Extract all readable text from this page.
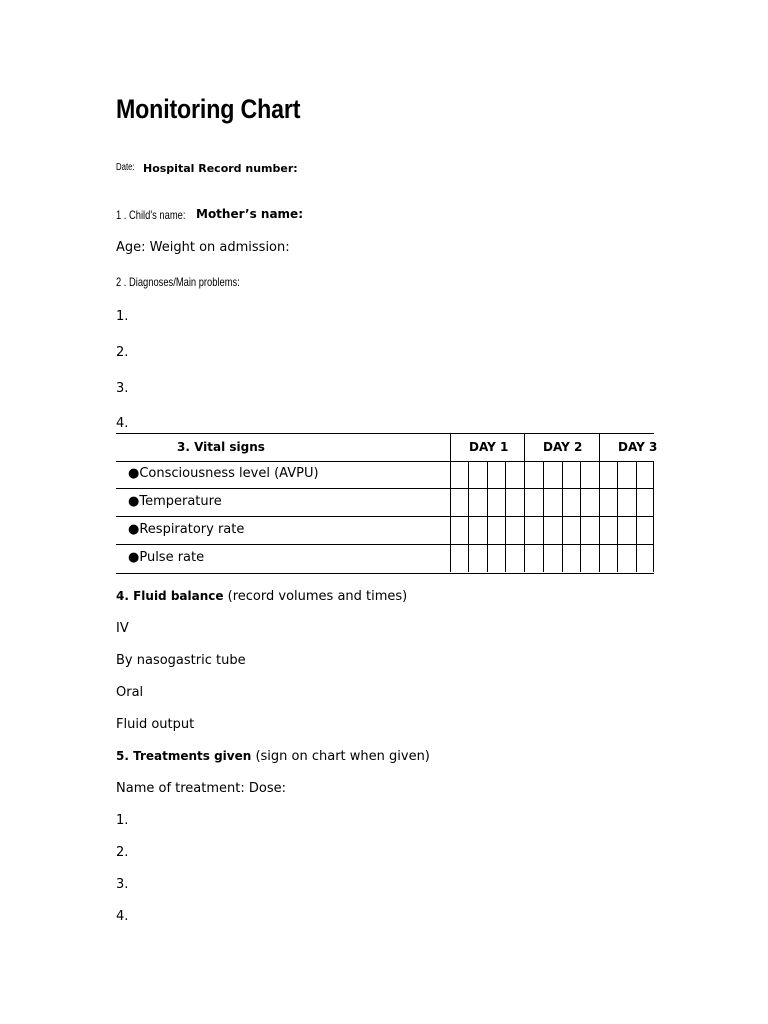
Monitoring Chart
Date: Hospital Record number:
1 . Child's name: Mother’s name:
Age: Weight on admission:
2 . Diagnoses/Main problems:
1.
2.
3.
4.
3. Vital signs	DAY 1	DAY 2	DAY 3
●Consciousness level (AVPU)
●Temperature
●Respiratory rate
●Pulse rate
4. Fluid balance (record volumes and times)
IV
By nasogastric tube
Oral
Fluid output
5. Treatments given (sign on chart when given)
Name of treatment: Dose:
1.
2.
3.
4.
